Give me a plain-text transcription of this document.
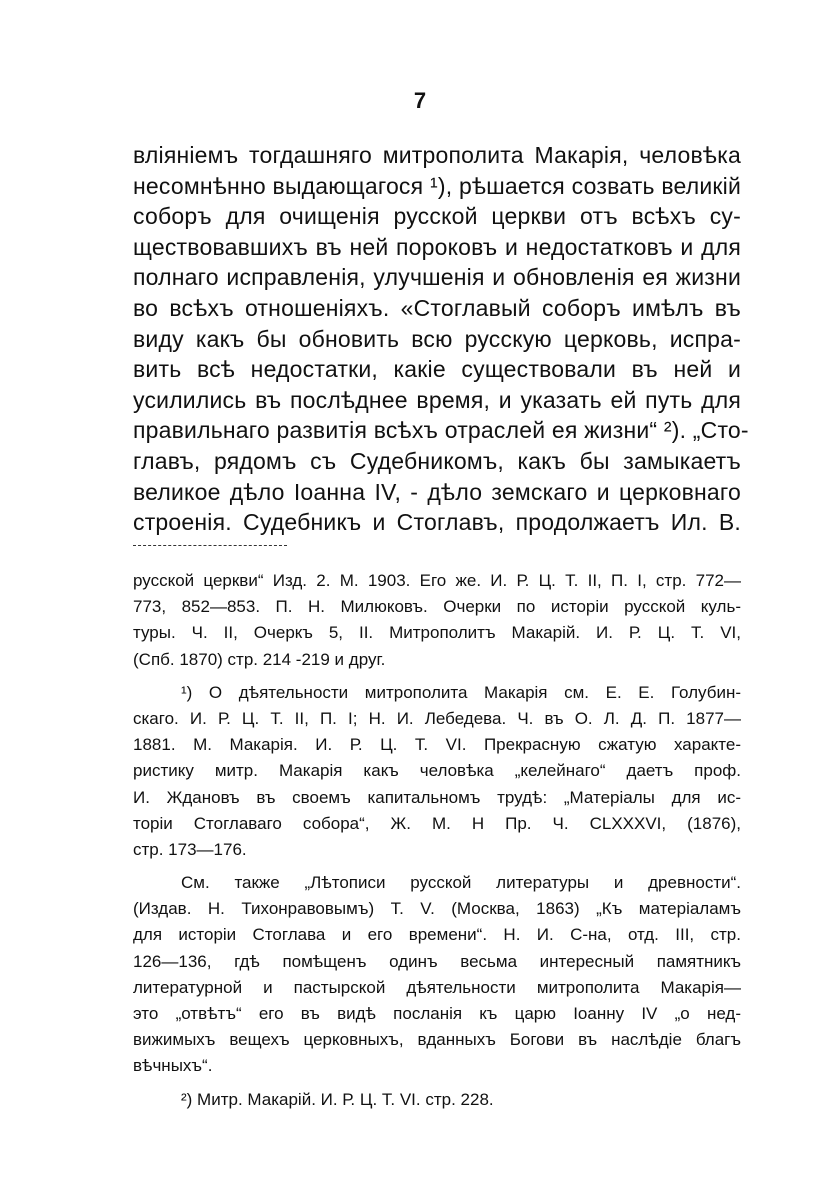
7
вліяніемъ тогдашняго митрополита Макарія, человѣка
несомнѣнно выдающагося ¹), рѣшается созвать великій
соборъ для очищенія русской церкви отъ всѣхъ су-
ществовавшихъ въ ней пороковъ и недостатковъ и для
полнаго исправленія, улучшенія и обновленія ея жизни
во всѣхъ отношеніяхъ. «Стоглавый соборъ имѣлъ въ
виду какъ бы обновить всю русскую церковь, испра-
вить всѣ недостатки, какіе существовали въ ней и
усилились въ послѣднее время, и указать ей путь для
правильнаго развитія всѣхъ отраслей ея жизни“ ²). „Сто-
главъ, рядомъ съ Судебникомъ, какъ бы замыкаетъ
великое дѣло Іоанна IV, - дѣло земскаго и церковнаго
строенія. Судебникъ и Стоглавъ, продолжаетъ Ил. В.
русской церкви“ Изд. 2. М. 1903. Его же. И. Р. Ц. Т. II, П. I, стр. 772—
773, 852—853. П. Н. Милюковъ. Очерки по исторіи русской куль-
туры. Ч. II, Очеркъ 5, II. Митрополитъ Макарій. И. Р. Ц. Т. VI,
(Спб. 1870) стр. 214 -219 и друг.
¹) О дѣятельности митрополита Макарія см. Е. Е. Голубин-
скаго. И. Р. Ц. Т. II, П. I; Н. И. Лебедева. Ч. въ О. Л. Д. П. 1877—
1881. М. Макарія. И. Р. Ц. Т. VI. Прекрасную сжатую характе-
ристику митр. Макарія какъ человѣка „келейнаго“ даетъ проф.
И. Ждановъ въ своемъ капитальномъ трудѣ: „Матеріалы для ис-
торіи Стоглаваго собора“, Ж. М. Н Пр. Ч. CLXXXVI, (1876),
стр. 173—176.
См. также „Лѣтописи русской литературы и древности“.
(Издав. Н. Тихонравовымъ) Т. V. (Москва, 1863) „Къ матеріаламъ
для исторіи Стоглава и его времени“. Н. И. С-на, отд. III, стр.
126—136, гдѣ помѣщенъ одинъ весьма интересный памятникъ
литературной и пастырской дѣятельности митрополита Макарія—
это „отвѣтъ“ его въ видѣ посланія къ царю Іоанну IV „о нед-
вижимыхъ вещехъ церковныхъ, вданныхъ Богови въ наслѣдіе благъ
вѣчныхъ“.
²) Митр. Макарій. И. Р. Ц. Т. VI. стр. 228.
